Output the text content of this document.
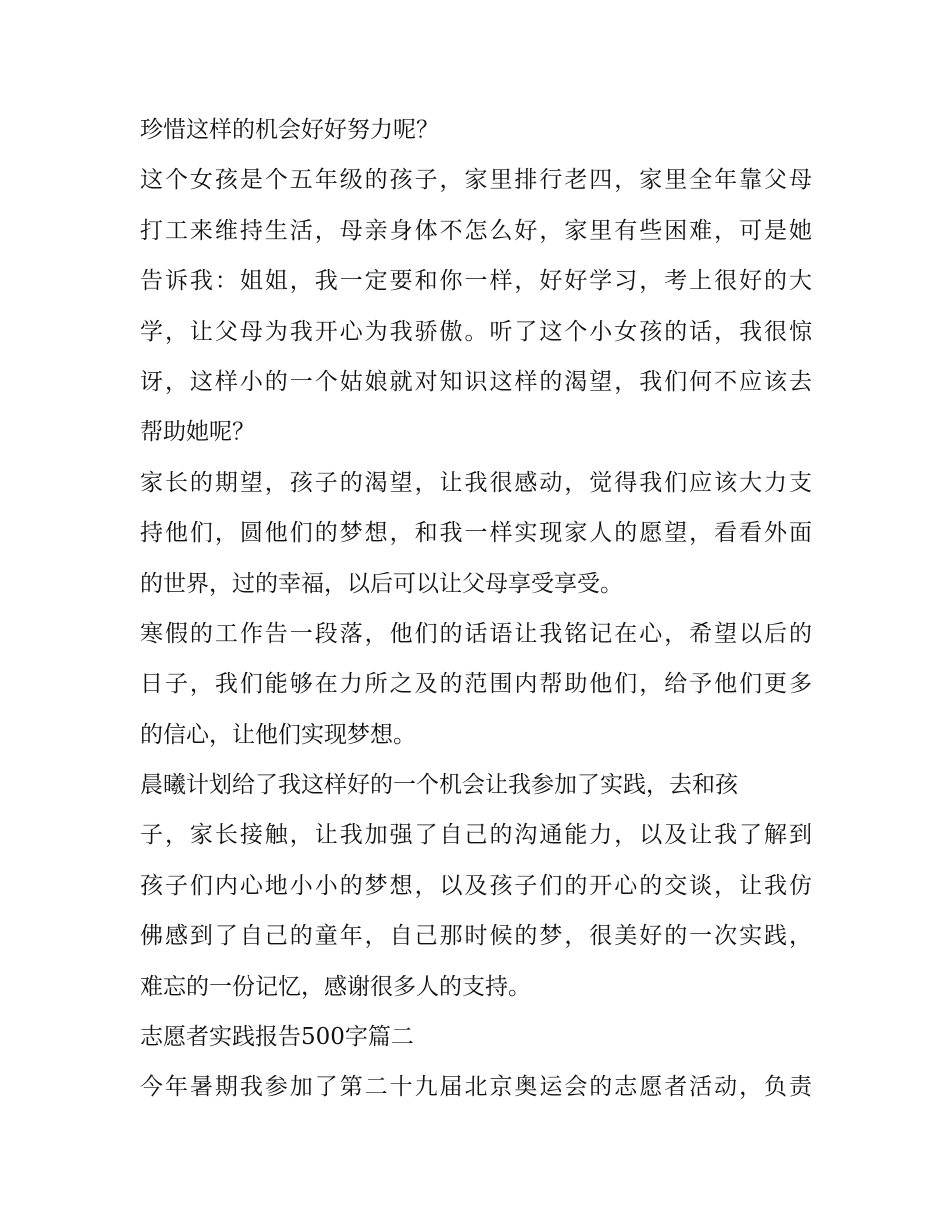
珍惜这样的机会好好努力呢？
这个女孩是个五年级的孩子，家里排行老四，家里全年靠父母
打工来维持生活，母亲身体不怎么好，家里有些困难，可是她
告诉我：姐姐，我一定要和你一样，好好学习，考上很好的大
学，让父母为我开心为我骄傲。听了这个小女孩的话，我很惊
讶，这样小的一个姑娘就对知识这样的渴望，我们何不应该去
帮助她呢？
家长的期望，孩子的渴望，让我很感动，觉得我们应该大力支
持他们，圆他们的梦想，和我一样实现家人的愿望，看看外面
的世界，过的幸福，以后可以让父母享受享受。
寒假的工作告一段落，他们的话语让我铭记在心，希望以后的
日子，我们能够在力所之及的范围内帮助他们，给予他们更多
的信心，让他们实现梦想。
晨曦计划给了我这样好的一个机会让我参加了实践，去和孩
子，家长接触，让我加强了自己的沟通能力，以及让我了解到
孩子们内心地小小的梦想，以及孩子们的开心的交谈，让我仿
佛感到了自己的童年，自己那时候的梦，很美好的一次实践，
难忘的一份记忆，感谢很多人的支持。
志愿者实践报告500字篇二
今年暑期我参加了第二十九届北京奥运会的志愿者活动，负责
